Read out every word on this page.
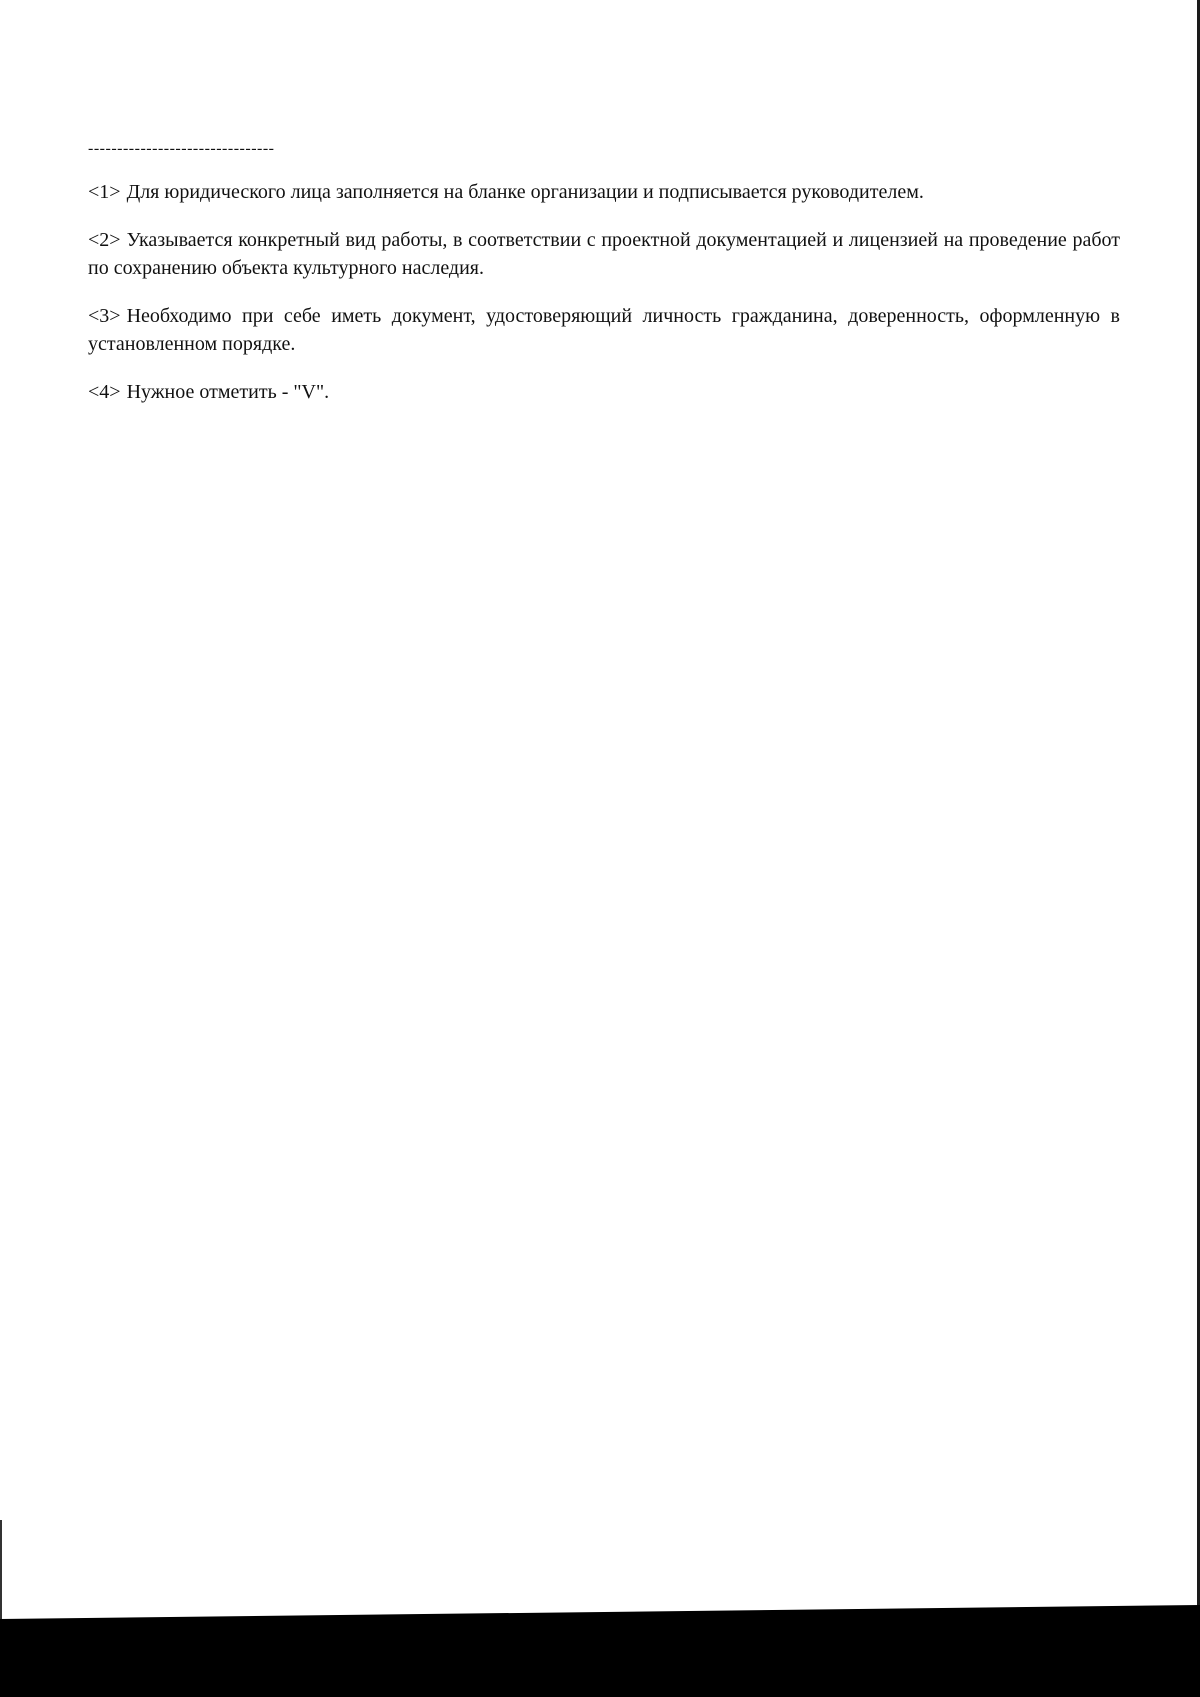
--------------------------------

<1> Для юридического лица заполняется на бланке организации и подписывается руководителем.

<2> Указывается конкретный вид работы, в соответствии с проектной документацией и лицензией на проведение работ по сохранению объекта культурного наследия.

<3> Необходимо при себе иметь документ, удостоверяющий личность гражданина, доверенность, оформленную в установленном порядке.

<4> Нужное отметить - "V".
